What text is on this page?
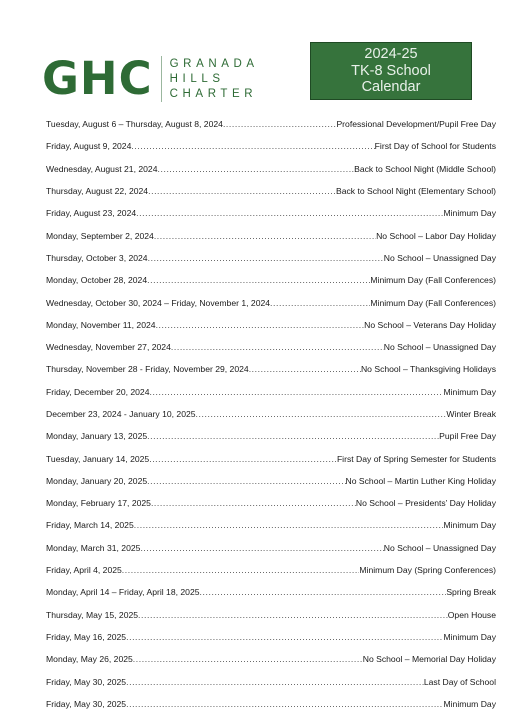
GHC GRANADA
HILLS
CHARTER
2024-25
TK-8 School
Calendar
Tuesday, August 6 – Thursday, August 8, 2024 .....	Professional Development/Pupil Free Day
Friday, August 9, 2024 .....	First Day of School for Students
Wednesday, August 21, 2024 .....	Back to School Night (Middle School)
Thursday, August 22, 2024 .....	Back to School Night (Elementary School)
Friday, August 23, 2024 .....	Minimum Day
Monday, September 2, 2024 .....	No School – Labor Day Holiday
Thursday, October 3, 2024 .....	No School – Unassigned Day
Monday, October 28, 2024 .....	Minimum Day (Fall Conferences)
Wednesday, October 30, 2024 – Friday, November 1, 2024 .....	Minimum Day (Fall Conferences)
Monday, November 11, 2024 .....	No School – Veterans Day Holiday
Wednesday, November 27, 2024 .....	No School – Unassigned Day
Thursday, November 28 - Friday, November 29, 2024 .....	No School – Thanksgiving Holidays
Friday, December 20, 2024 .....	Minimum Day
December 23, 2024 - January 10, 2025 .....	Winter Break
Monday, January 13, 2025 .....	Pupil Free Day
Tuesday, January 14, 2025 .....	First Day of Spring Semester for Students
Monday, January 20, 2025 .....	No School – Martin Luther King Holiday
Monday, February 17, 2025 .....	No School – Presidents’ Day Holiday
Friday, March 14, 2025 .....	Minimum Day
Monday, March 31, 2025 .....	No School – Unassigned Day
Friday, April 4, 2025 .....	Minimum Day (Spring Conferences)
Monday, April 14 – Friday, April 18, 2025 .....	Spring Break
Thursday, May 15, 2025 .....	Open House
Friday, May 16, 2025 .....	Minimum Day
Monday, May 26, 2025 .....	No School – Memorial Day Holiday
Friday, May 30, 2025 .....	Last Day of School
Friday, May 30, 2025 .....	Minimum Day
